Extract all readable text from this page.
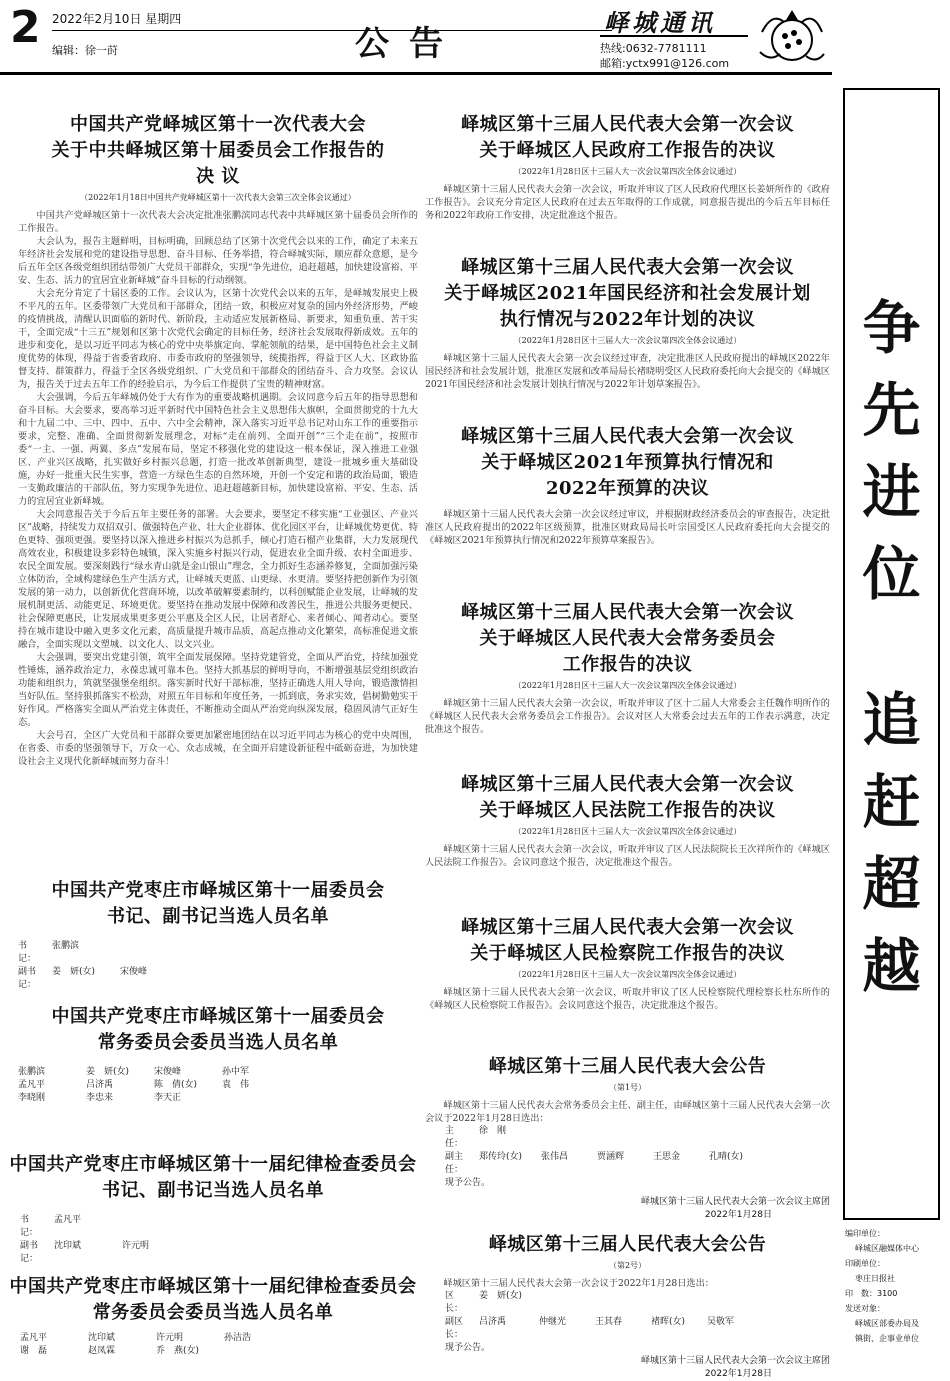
2 2022年2月10日 星期四
编辑：徐一莳	公告
峄城通讯
热线:0632-7781111
邮箱:yctx991@126.com
中国共产党峄城区第十一次代表大会
关于中共峄城区第十届委员会工作报告的
决 议
（2022年1月18日中国共产党峄城区第十一次代表大会第三次全体会议通过）

中国共产党峄城区第十一次代表大会决定批准张鹏滨同志代表中共峄城区第十届委员会所作的工作报告。

大会认为，报告主题鲜明，目标明确，回顾总结了区第十次党代会以来的工作，确定了未来五年经济社会发展和党的建设指导思想、奋斗目标、任务举措，符合峄城实际，顺应群众意愿，是今后五年全区各级党组织团结带领广大党员干部群众，实现“争先进位，追赶超越，加快建设富裕、平安、生态、活力的宜居宜业新峄城”奋斗目标的行动纲领。

大会充分肯定了十届区委的工作。会议认为，区第十次党代会以来的五年，是峄城发展史上极不平凡的五年。区委带领广大党员和干部群众，团结一致，积极应对复杂的国内外经济形势，严峻的疫情挑战，清醒认识面临的新时代、新阶段，主动适应发展新格局、新要求，知重负重、苦干实干，全面完成“十三五”规划和区第十次党代会确定的目标任务，经济社会发展取得新成效。五年的进步和变化，是以习近平同志为核心的党中央举旗定向、掌舵领航的结果，是中国特色社会主义制度优势的体现，得益于省委省政府、市委市政府的坚强领导，统揽指挥，得益于区人大、区政协监督支持、群策群力，得益于全区各级党组织、广大党员和干部群众的团结奋斗、合力攻坚。会议认为，报告关于过去五年工作的经验启示，为今后工作提供了宝贵的精神财富。

大会强调，今后五年峄城仍处于大有作为的重要战略机遇期。会议同意今后五年的指导思想和奋斗目标。大会要求，要高举习近平新时代中国特色社会主义思想伟大旗帜，全面贯彻党的十九大和十九届二中、三中、四中、五中、六中全会精神，深入落实习近平总书记对山东工作的重要指示要求，完整、准确、全面贯彻新发展理念，对标“走在前列、全面开创”“三个走在前”，按照市委“一主、一强、两翼、多点”发展布局，坚定不移强化党的建设这一根本保证，深入推进工业强区、产业兴区战略，扎实做好乡村振兴总题，打造一批改革创新典型，建设一批城乡重大基础设施，办好一批重大民生实事，营造一方绿色生态的自然环境，开创一个安定和谐的政治局面，锻造一支勤政廉洁的干部队伍，努力实现争先进位、追赶超越新目标，加快建设富裕、平安、生态、活力的宜居宜业新峄城。

大会同意报告关于今后五年主要任务的部署。大会要求，要坚定不移实施“工业强区、产业兴区”战略，持续发力双招双引、做强特色产业、壮大企业群体、优化园区平台，让峄城优势更优、特色更特、强项更强。要坚持以深入推进乡村振兴为总抓手，倾心打造石榴产业集群，大力发展现代高效农业，积极建设多彩特色城镇，深入实施乡村振兴行动，促进农业全面升级、农村全面进步、农民全面发展。要深刻践行“绿水青山就是金山银山”理念，全力抓好生态涵养修复，全面加强污染立体防治，全域构建绿色生产生活方式，让峄城天更蓝、山更绿、水更清。要坚持把创新作为引领发展的第一动力，以创新优化营商环境，以改革破解要素制约，以科创赋能企业发展，让峄城的发展机制更活、动能更足、环境更优。要坚持在推动发展中保障和改善民生，推进公共服务更便民、社会保障更惠民，让发展成果更多更公平惠及全区人民，让居者舒心、来者倾心、闻者动心。要坚持在城市建设中融入更多文化元素，高质量提升城市品质，高起点推动文化繁荣，高标准促进文旅融合，全面实现以文塑城、以文化人、以文兴业。

大会强调，要突出党建引领，筑牢全面发展保障。坚持党建管党，全面从严治党，持续加强党性锤炼，涵养政治定力，永葆忠诚可靠本色。坚持大抓基层的鲜明导向，不断增强基层党组织政治功能和组织力，筑就坚强堡垒组织。落实新时代好干部标准，坚持正确选人用人导向，锻造激情担当好队伍。坚持狠抓落实不松劲，对照五年目标和年度任务，一抓到底，务求实效，倡树勤勉实干好作风。严格落实全面从严治党主体责任，不断推动全面从严治党向纵深发展，稳固风清气正好生态。

大会号召，全区广大党员和干部群众要更加紧密地团结在以习近平同志为核心的党中央周围，在省委、市委的坚强领导下，万众一心、众志成城，在全面开启建设新征程中砥砺奋进，为加快建设社会主义现代化新峄城而努力奋斗！

中国共产党枣庄市峄城区第十一届委员会
书记、副书记当选人员名单
书　记：
张鹏滨
副书记：
姜　妍(女)	宋俊峰
中国共产党枣庄市峄城区第十一届委员会
常务委员会委员当选人员名单
张鹏滨	姜　妍(女)	宋俊峰	孙中军
孟凡平	吕济禹	陈　倩(女)	袁　伟
李晓刚	李忠来	李天正
中国共产党枣庄市峄城区第十一届纪律检查委员会
书记、副书记当选人员名单
书　记：
孟凡平
副书记：
沈印斌	许元明
中国共产党枣庄市峄城区第十一届纪律检查委员会
常务委员会委员当选人员名单
孟凡平	沈印斌	许元明	孙洁浩
谢　磊	赵凤霖	乔　燕(女)
峄城区第十三届人民代表大会第一次会议
关于峄城区人民政府工作报告的决议
（2022年1月28日区十三届人大一次会议第四次全体会议通过）

峄城区第十三届人民代表大会第一次会议，听取并审议了区人民政府代理区长姜妍所作的《政府工作报告》。会议充分肯定区人民政府在过去五年取得的工作成就，同意报告提出的今后五年目标任务和2022年政府工作安排，决定批准这个报告。

峄城区第十三届人民代表大会第一次会议
关于峄城区2021年国民经济和社会发展计划
执行情况与2022年计划的决议
（2022年1月28日区十三届人大一次会议第四次全体会议通过）

峄城区第十三届人民代表大会第一次会议经过审查，决定批准区人民政府提出的峄城区2022年国民经济和社会发展计划，批准区发展和改革局局长褚晓明受区人民政府委托向大会提交的《峄城区2021年国民经济和社会发展计划执行情况与2022年计划草案报告》。

峄城区第十三届人民代表大会第一次会议
关于峄城区2021年预算执行情况和
2022年预算的决议

峄城区第十三届人民代表大会第一次会议经过审议，并根据财政经济委员会的审查报告，决定批准区人民政府提出的2022年区级预算，批准区财政局局长叶宗国受区人民政府委托向大会提交的《峄城区2021年预算执行情况和2022年预算草案报告》。

峄城区第十三届人民代表大会第一次会议
关于峄城区人民代表大会常务委员会
工作报告的决议
（2022年1月28日区十三届人大一次会议第四次全体会议通过）

峄城区第十三届人民代表大会第一次会议，听取并审议了区十二届人大常委会主任魏作明所作的《峄城区人民代表大会常务委员会工作报告》。会议对区人大常委会过去五年的工作表示满意，决定批准这个报告。

峄城区第十三届人民代表大会第一次会议
关于峄城区人民法院工作报告的决议
（2022年1月28日区十三届人大一次会议第四次全体会议通过）

峄城区第十三届人民代表大会第一次会议，听取并审议了区人民法院院长王次祥所作的《峄城区人民法院工作报告》。会议同意这个报告，决定批准这个报告。

峄城区第十三届人民代表大会第一次会议
关于峄城区人民检察院工作报告的决议
（2022年1月28日区十三届人大一次会议第四次全体会议通过）

峄城区第十三届人民代表大会第一次会议，听取并审议了区人民检察院代理检察长杜东所作的《峄城区人民检察院工作报告》。会议同意这个报告，决定批准这个报告。

峄城区第十三届人民代表大会公告
（第1号）

峄城区第十三届人民代表大会常务委员会主任、副主任，由峄城区第十三届人民代表大会第一次会议于2022年1月28日选出：

主　任：
徐　刚
副主任：
郑传玲(女)	张伟昌	贾涵辉	王思金	孔晴(女)
现予公告。
峄城区第十三届人民代表大会第一次会议主席团
2022年1月28日
峄城区第十三届人民代表大会公告
（第2号）

峄城区第十三届人民代表大会第一次会议于2022年1月28日选出：

区　长：
姜　妍(女)
副区长：
吕济禹	仲继光	王其春	褚晖(女)	吴敬军
现予公告。
峄城区第十三届人民代表大会第一次会议主席团
2022年1月28日
争
先
进
位
追
赶
超
越
编印单位：
峄城区融媒体中心
印刷单位：
枣庄日报社
印　数：3100
发送对象：
峄城区部委办局及
镇街、企事业单位
